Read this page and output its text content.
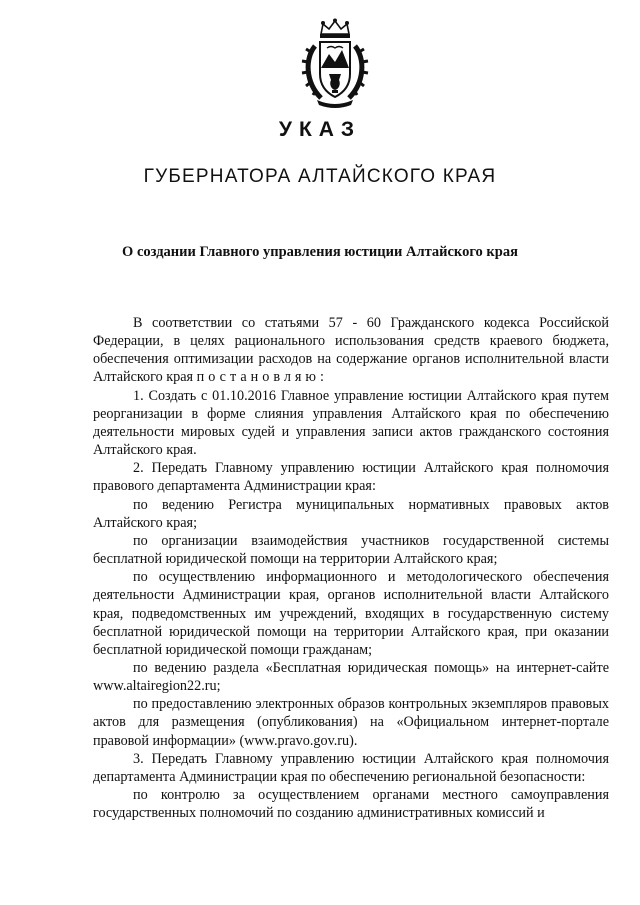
УКАЗ
ГУБЕРНАТОРА АЛТАЙСКОГО КРАЯ
О создании Главного управления юстиции Алтайского края

В соответствии со статьями 57 - 60 Гражданского кодекса Российской Федерации, в целях рационального использования средств краевого бюджета, обеспечения оптимизации расходов на содержание органов исполнительной власти Алтайского края постановляю:

1. Создать с 01.10.2016 Главное управление юстиции Алтайского края путем реорганизации в форме слияния управления Алтайского края по обеспечению деятельности мировых судей и управления записи актов гражданского состояния Алтайского края.

2. Передать Главному управлению юстиции Алтайского края полномочия правового департамента Администрации края:

по ведению Регистра муниципальных нормативных правовых актов Алтайского края;

по организации взаимодействия участников государственной системы бесплатной юридической помощи на территории Алтайского края;

по осуществлению информационного и методологического обеспечения деятельности Администрации края, органов исполнительной власти Алтайского края, подведомственных им учреждений, входящих в государственную систему бесплатной юридической помощи на территории Алтайского края, при оказании бесплатной юридической помощи гражданам;

по ведению раздела «Бесплатная юридическая помощь» на интернет-сайте www.altairegion22.ru;

по предоставлению электронных образов контрольных экземпляров правовых актов для размещения (опубликования) на «Официальном интернет-портале правовой информации» (www.pravo.gov.ru).

3. Передать Главному управлению юстиции Алтайского края полномочия департамента Администрации края по обеспечению региональной безопасности:

по контролю за осуществлением органами местного самоуправления государственных полномочий по созданию административных комиссий и
